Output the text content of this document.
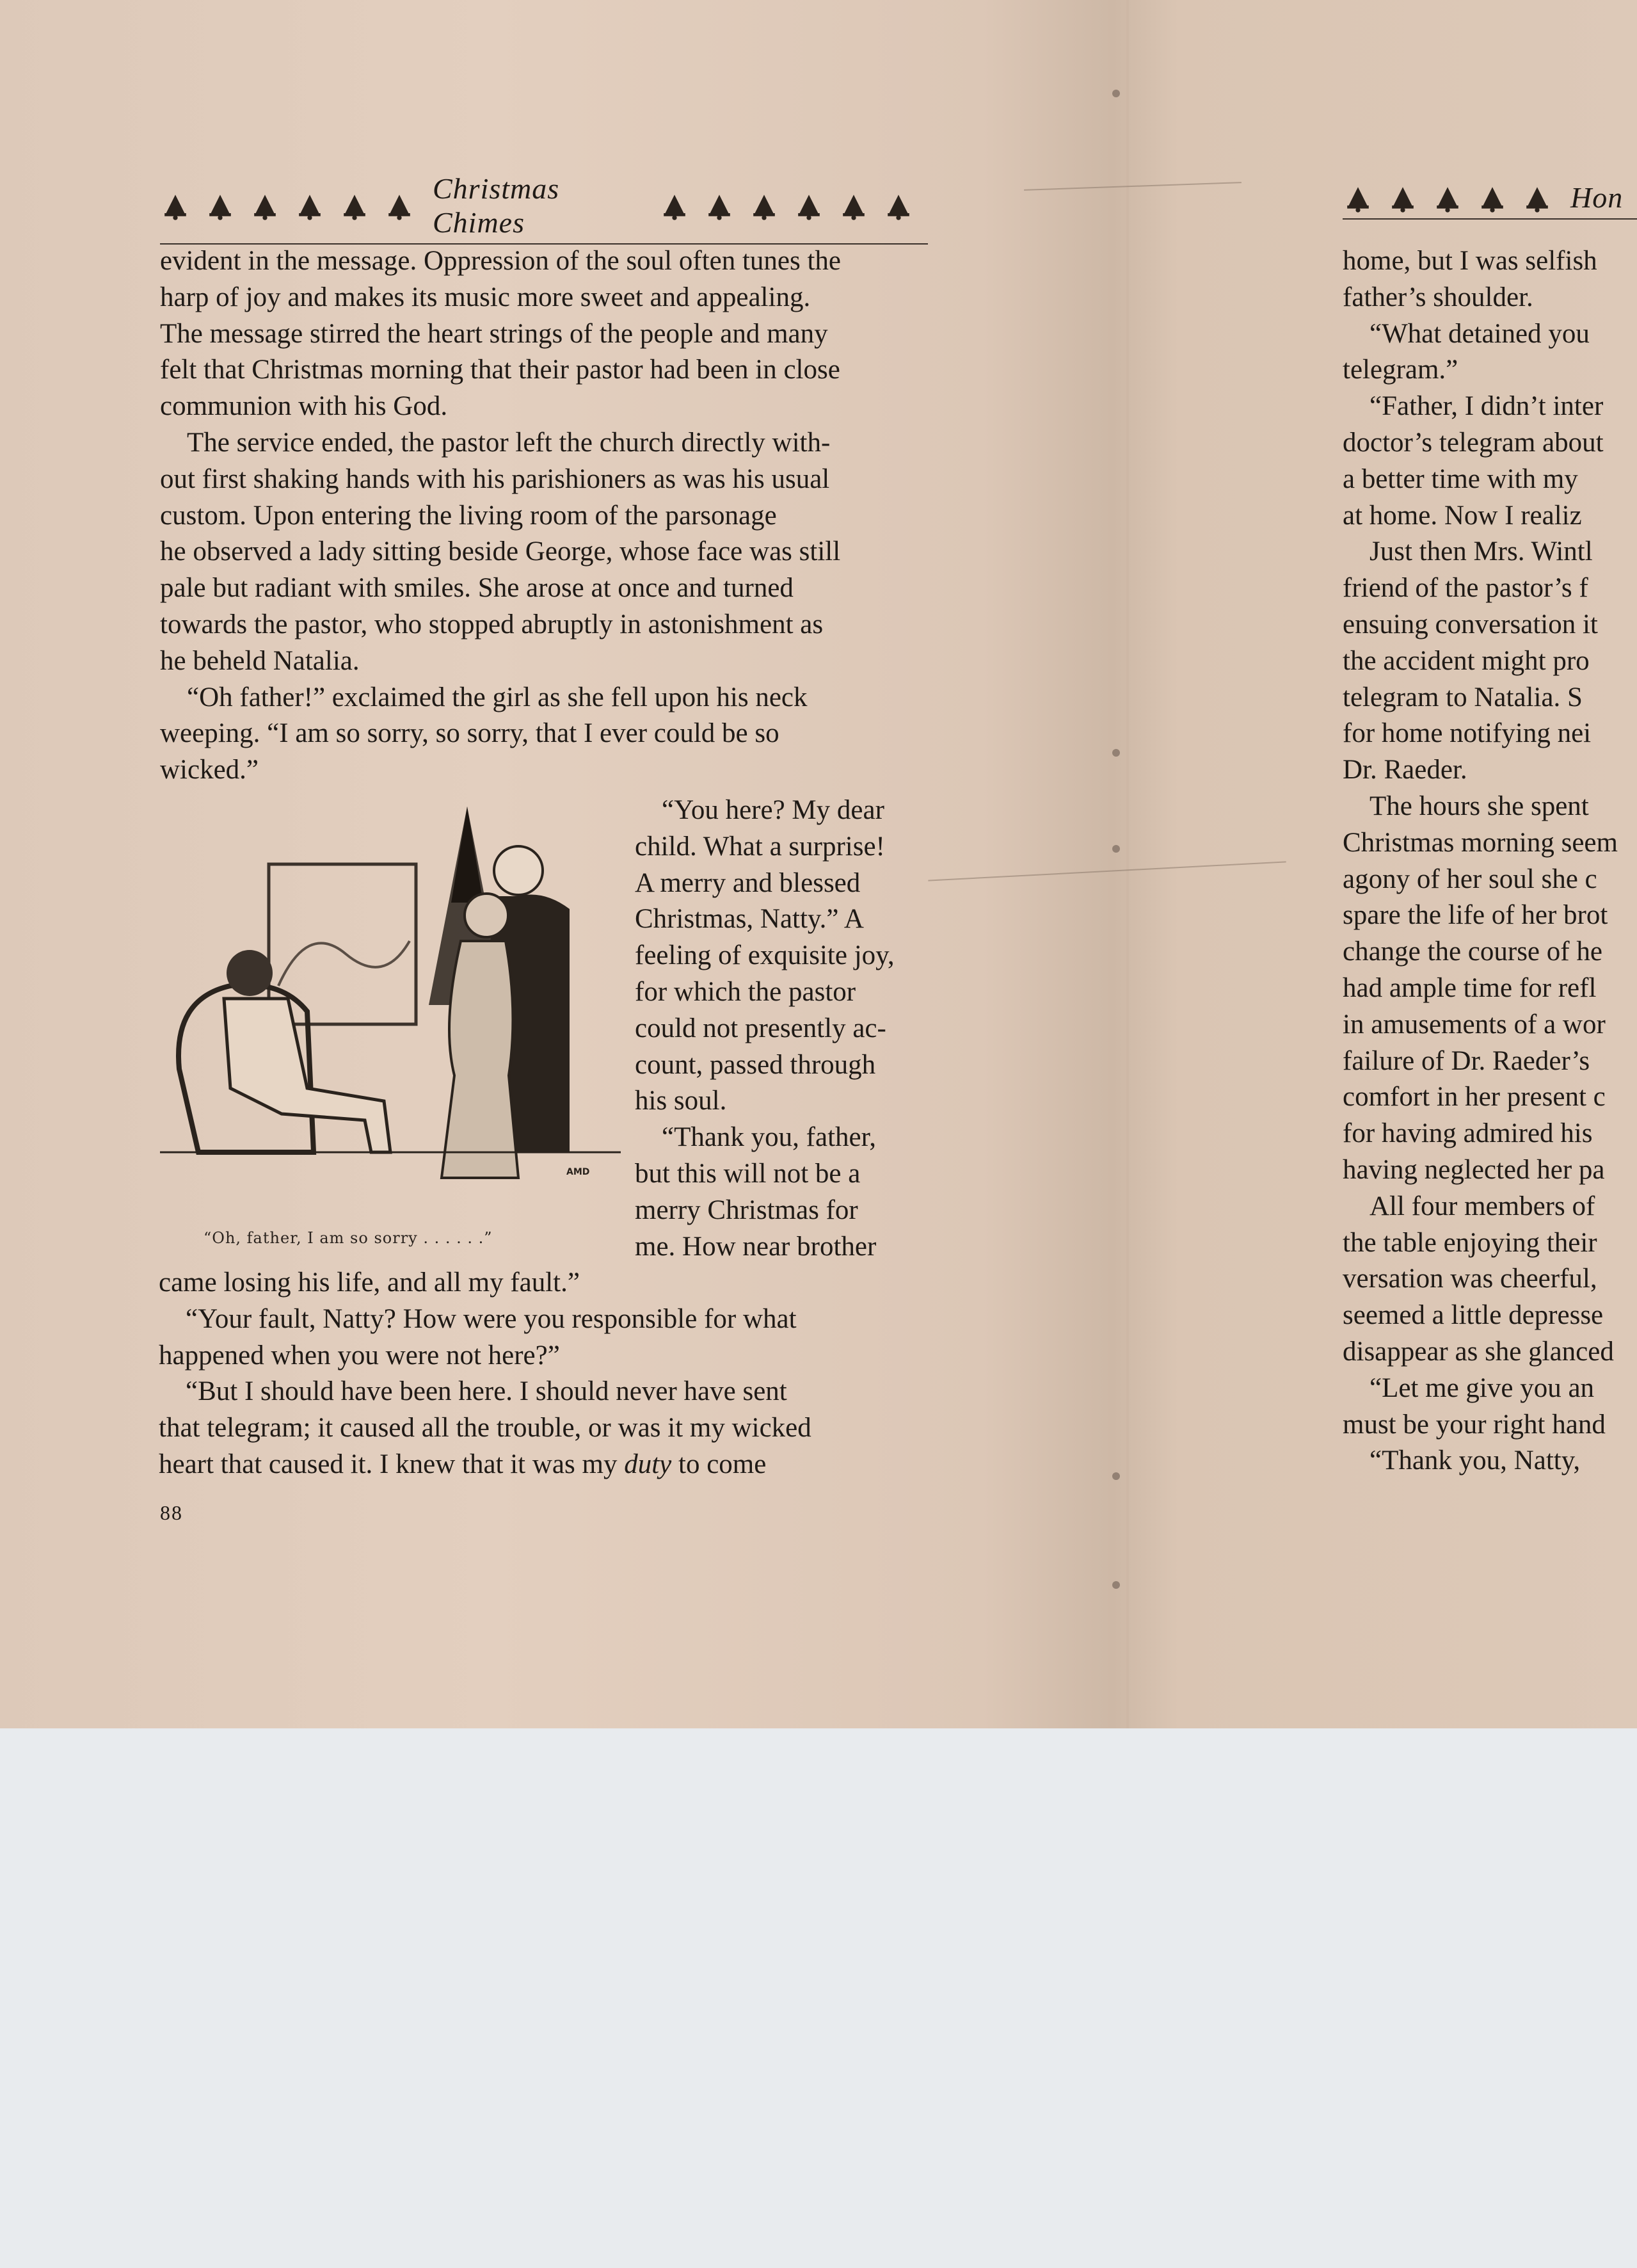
Christmas Chimes
evident in the message. Oppression of the soul often tunes the
harp of joy and makes its music more sweet and appealing.
The message stirred the heart strings of the people and many
felt that Christmas morning that their pastor had been in close
communion with his God.
The service ended, the pastor left the church directly with-
out first shaking hands with his parishioners as was his usual
custom. Upon entering the living room of the parsonage
he observed a lady sitting beside George, whose face was still
pale but radiant with smiles. She arose at once and turned
towards the pastor, who stopped abruptly in astonishment as
he beheld Natalia.
“Oh father!” exclaimed the girl as she fell upon his neck
weeping. “I am so sorry, so sorry, that I ever could be so
wicked.”
AMD
“Oh, father, I am so sorry . . . . . .”
“You here? My dear
child. What a surprise!
A merry and blessed
Christmas, Natty.” A
feeling of exquisite joy,
for which the pastor
could not presently ac-
count, passed through
his soul.
“Thank you, father,
but this will not be a
merry Christmas for
me. How near brother
came losing his life, and all my fault.”
“Your fault, Natty? How were you responsible for what
happened when you were not here?”
“But I should have been here. I should never have sent
that telegram; it caused all the trouble, or was it my wicked
heart that caused it. I knew that it was my duty to come
88
Hon
home, but I was selfish
father’s shoulder.
“What detained you
telegram.”
“Father, I didn’t inter
doctor’s telegram about
a better time with my
at home. Now I realiz
Just then Mrs. Wintl
friend of the pastor’s f
ensuing conversation it
the accident might pro
telegram to Natalia. S
for home notifying nei
Dr. Raeder.
The hours she spent
Christmas morning seem
agony of her soul she c
spare the life of her brot
change the course of he
had ample time for refl
in amusements of a wor
failure of Dr. Raeder’s
comfort in her present c
for having admired his
having neglected her pa
All four members of
the table enjoying their
versation was cheerful,
seemed a little depresse
disappear as she glanced
“Let me give you an
must be your right hand
“Thank you, Natty,
